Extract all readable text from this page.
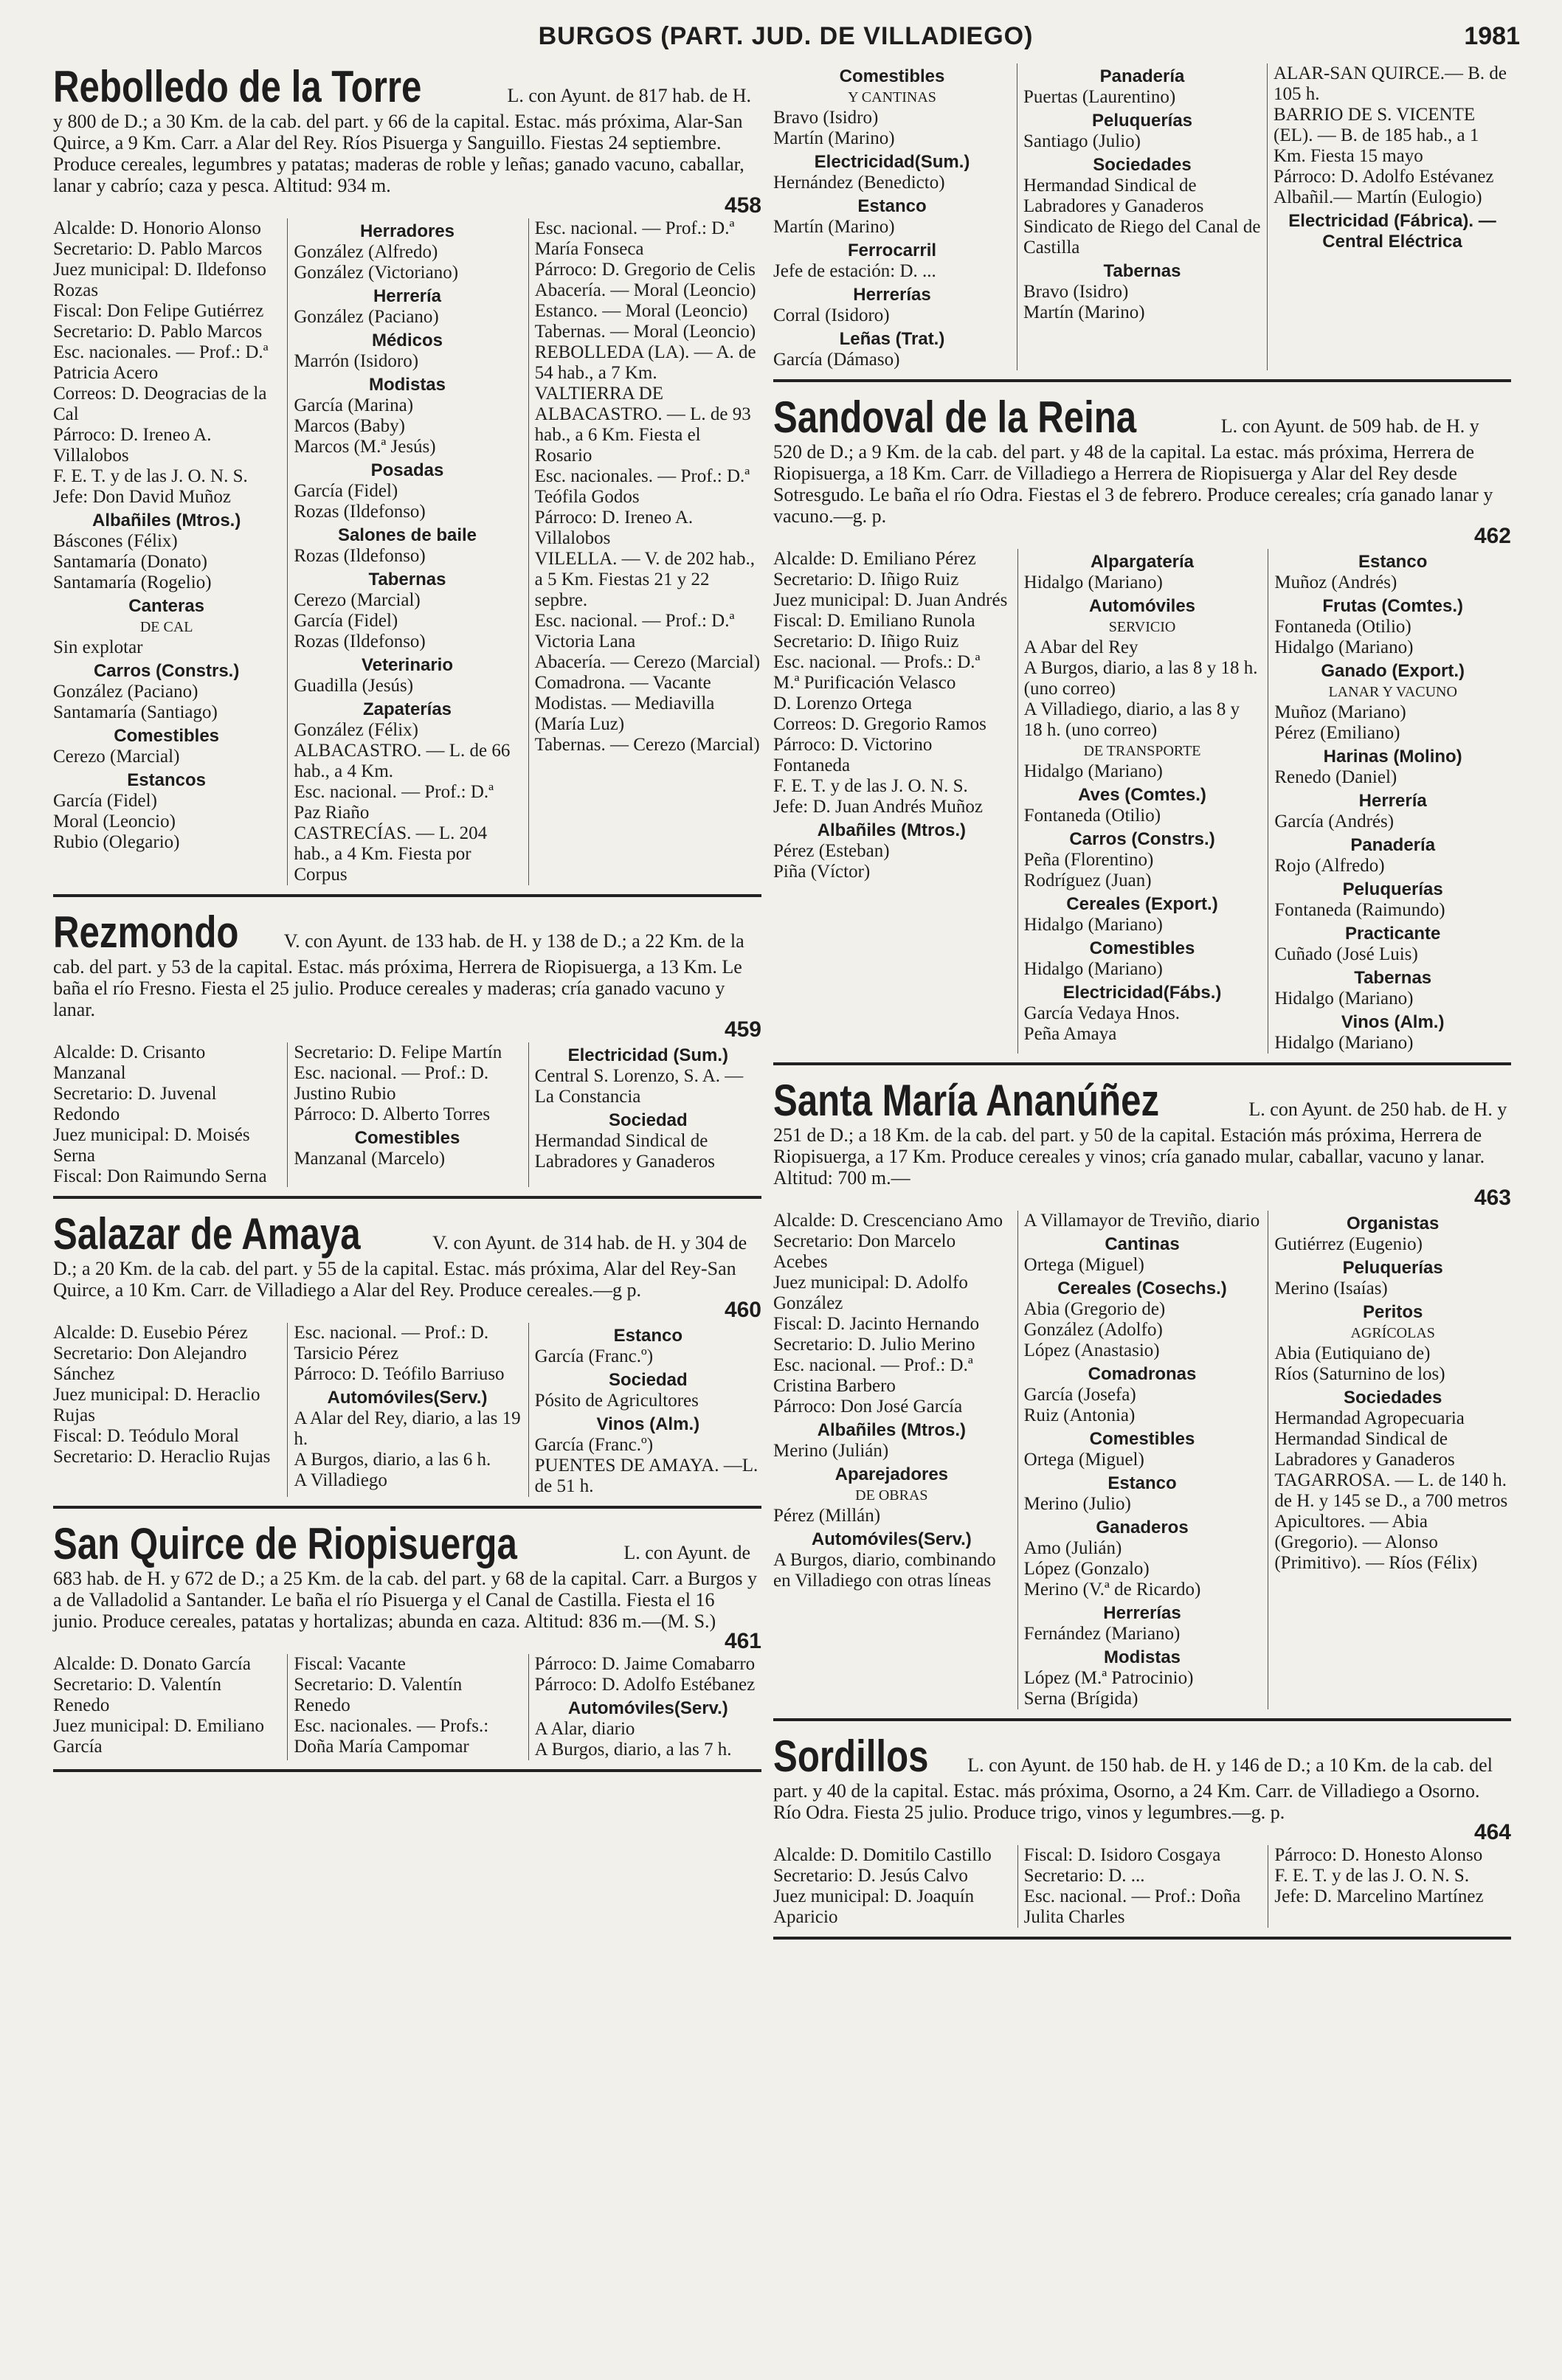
BURGOS (PART. JUD. DE VILLADIEGO)	1981
Rebolledo de la Torre	L. con Ayunt. de 817 hab. de H. y 800 de D.; a 30 Km. de la cab. del part. y 66 de la capital. Estac. más próxima, Alar-San Quirce, a 9 Km. Carr. a Alar del Rey. Ríos Pisuerga y Sanguillo. Fiestas 24 septiembre. Produce cereales, legumbres y patatas; maderas de roble y leñas; ganado vacuno, caballar, lanar y cabrío; caza y pesca. Altitud: 934 m.
458
Alcalde: D. Honorio Alonso
Secretario: D. Pablo Marcos
Juez municipal: D. Ildefonso Rozas
Fiscal: Don Felipe Gutiérrez
Secretario: D. Pablo Marcos
Esc. nacionales. — Prof.: D.ª Patricia Acero
Correos: D. Deogracias de la Cal
Párroco: D. Ireneo A. Villalobos
F. E. T. y de las J. O. N. S.
Jefe: Don David Muñoz
Albañiles (Mtros.)
Báscones (Félix)
Santamaría (Donato)
Santamaría (Rogelio)
Canteras
DE CAL
Sin explotar
Carros (Constrs.)
González (Paciano)
Santamaría (Santiago)
Comestibles
Cerezo (Marcial)
Estancos
García (Fidel)
Moral (Leoncio)
Rubio (Olegario)
Herradores
González (Alfredo)
González (Victoriano)
Herrería
González (Paciano)
Médicos
Marrón (Isidoro)
Modistas
García (Marina)
Marcos (Baby)
Marcos (M.ª Jesús)
Posadas
García (Fidel)
Rozas (Ildefonso)
Salones de baile
Rozas (Ildefonso)
Tabernas
Cerezo (Marcial)
García (Fidel)
Rozas (Ildefonso)
Veterinario
Guadilla (Jesús)
Zapaterías
González (Félix)
ALBACASTRO. — L. de 66 hab., a 4 Km.
Esc. nacional. — Prof.: D.ª Paz Riaño
CASTRECÍAS. — L. 204 hab., a 4 Km. Fiesta por Corpus
Esc. nacional. — Prof.: D.ª María Fonseca
Párroco: D. Gregorio de Celis
Abacería. — Moral (Leoncio)
Estanco. — Moral (Leoncio)
Tabernas. — Moral (Leoncio)
REBOLLEDA (LA). — A. de 54 hab., a 7 Km.
VALTIERRA DE ALBACASTRO. — L. de 93 hab., a 6 Km. Fiesta el Rosario
Esc. nacionales. — Prof.: D.ª Teófila Godos
Párroco: D. Ireneo A. Villalobos
VILELLA. — V. de 202 hab., a 5 Km. Fiestas 21 y 22 sepbre.
Esc. nacional. — Prof.: D.ª Victoria Lana
Abacería. — Cerezo (Marcial)
Comadrona. — Vacante
Modistas. — Mediavilla (María Luz)
Tabernas. — Cerezo (Marcial)
Rezmondo V. con Ayunt. de 133 hab. de H. y 138 de D.; a 22 Km. de la cab. del part. y 53 de la capital. Estac. más próxima, Herrera de Riopisuerga, a 13 Km. Le baña el río Fresno. Fiesta el 25 julio. Produce cereales y maderas; cría ganado vacuno y lanar.
459
Alcalde: D. Crisanto Manzanal
Secretario: D. Juvenal Redondo
Juez municipal: D. Moisés Serna
Fiscal: Don Raimundo Serna
Secretario: D. Felipe Martín
Esc. nacional. — Prof.: D. Justino Rubio
Párroco: D. Alberto Torres
Comestibles
Manzanal (Marcelo)
Electricidad (Sum.)
Central S. Lorenzo, S. A. — La Constancia
Sociedad
Hermandad Sindical de Labradores y Ganaderos
Salazar de Amaya	V. con Ayunt. de 314 hab. de H. y 304 de D.; a 20 Km. de la cab. del part. y 55 de la capital. Estac. más próxima, Alar del Rey-San Quirce, a 10 Km. Carr. de Villadiego a Alar del Rey. Produce cereales.—g p.
460
Alcalde: D. Eusebio Pérez
Secretario: Don Alejandro Sánchez
Juez municipal: D. Heraclio Rujas
Fiscal: D. Teódulo Moral
Secretario: D. Heraclio Rujas
Esc. nacional. — Prof.: D. Tarsicio Pérez
Párroco: D. Teófilo Barriuso
Automóviles(Serv.)
A Alar del Rey, diario, a las 19 h.
A Burgos, diario, a las 6 h.
A Villadiego
Estanco
García (Franc.º)
Sociedad
Pósito de Agricultores
Vinos (Alm.)
García (Franc.º)
PUENTES DE AMAYA. —L. de 51 h.
San Quirce de Riopisuerga	L. con Ayunt. de 683 hab. de H. y 672 de D.; a 25 Km. de la cab. del part. y 68 de la capital. Carr. a Burgos y a de Valladolid a Santander. Le baña el río Pisuerga y el Canal de Castilla. Fiesta el 16 junio. Produce cereales, patatas y hortalizas; abunda en caza. Altitud: 836 m.—(M. S.)
461
Alcalde: D. Donato García
Secretario: D. Valentín Renedo
Juez municipal: D. Emiliano García
Fiscal: Vacante
Secretario: D. Valentín Renedo
Esc. nacionales. — Profs.: Doña María Campomar
Párroco: D. Jaime Comabarro
Párroco: D. Adolfo Estébanez
Automóviles(Serv.)
A Alar, diario
A Burgos, diario, a las 7 h.
Comestibles
Y CANTINAS
Bravo (Isidro)
Martín (Marino)
Electricidad(Sum.)
Hernández (Benedicto)
Estanco
Martín (Marino)
Ferrocarril
Jefe de estación: D. ...
Herrerías
Corral (Isidoro)
Leñas (Trat.)
García (Dámaso)
Panadería
Puertas (Laurentino)
Peluquerías
Santiago (Julio)
Sociedades
Hermandad Sindical de Labradores y Ganaderos
Sindicato de Riego del Canal de Castilla
Tabernas
Bravo (Isidro)
Martín (Marino)
ALAR-SAN QUIRCE.— B. de 105 h.
BARRIO DE S. VICENTE (EL). — B. de 185 hab., a 1 Km. Fiesta 15 mayo
Párroco: D. Adolfo Estévanez
Albañil.— Martín (Eulogio)
Electricidad (Fábrica). — Central Eléctrica
Sandoval de la Reina	L. con Ayunt. de 509 hab. de H. y 520 de D.; a 9 Km. de la cab. del part. y 48 de la capital. La estac. más próxima, Herrera de Riopisuerga, a 18 Km. Carr. de Villadiego a Herrera de Riopisuerga y Alar del Rey desde Sotresgudo. Le baña el río Odra. Fiestas el 3 de febrero. Produce cereales; cría ganado lanar y vacuno.—g. p.
462
Alcalde: D. Emiliano Pérez
Secretario: D. Iñigo Ruiz
Juez municipal: D. Juan Andrés
Fiscal: D. Emiliano Runola
Secretario: D. Iñigo Ruiz
Esc. nacional. — Profs.: D.ª M.ª Purificación Velasco
D. Lorenzo Ortega
Correos: D. Gregorio Ramos
Párroco: D. Victorino Fontaneda
F. E. T. y de las J. O. N. S.
Jefe: D. Juan Andrés Muñoz
Albañiles (Mtros.)
Pérez (Esteban)
Piña (Víctor)
Alpargatería
Hidalgo (Mariano)
Automóviles
SERVICIO
A Abar del Rey
A Burgos, diario, a las 8 y 18 h. (uno correo)
A Villadiego, diario, a las 8 y 18 h. (uno correo)
DE TRANSPORTE
Hidalgo (Mariano)
Aves (Comtes.)
Fontaneda (Otilio)
Carros (Constrs.)
Peña (Florentino)
Rodríguez (Juan)
Cereales (Export.)
Hidalgo (Mariano)
Comestibles
Hidalgo (Mariano)
Electricidad(Fábs.)
García Vedaya Hnos.
Peña Amaya
Estanco
Muñoz (Andrés)
Frutas (Comtes.)
Fontaneda (Otilio)
Hidalgo (Mariano)
Ganado (Export.)
LANAR Y VACUNO
Muñoz (Mariano)
Pérez (Emiliano)
Harinas (Molino)
Renedo (Daniel)
Herrería
García (Andrés)
Panadería
Rojo (Alfredo)
Peluquerías
Fontaneda (Raimundo)
Practicante
Cuñado (José Luis)
Tabernas
Hidalgo (Mariano)
Vinos (Alm.)
Hidalgo (Mariano)
Santa María Ananúñez	L. con Ayunt. de 250 hab. de H. y 251 de D.; a 18 Km. de la cab. del part. y 50 de la capital. Estación más próxima, Herrera de Riopisuerga, a 17 Km. Produce cereales y vinos; cría ganado mular, caballar, vacuno y lanar. Altitud: 700 m.—
463
Alcalde: D. Crescenciano Amo
Secretario: Don Marcelo Acebes
Juez municipal: D. Adolfo González
Fiscal: D. Jacinto Hernando
Secretario: D. Julio Merino
Esc. nacional. — Prof.: D.ª Cristina Barbero
Párroco: Don José García
Albañiles (Mtros.)
Merino (Julián)
Aparejadores
DE OBRAS
Pérez (Millán)
Automóviles(Serv.)
A Burgos, diario, combinando en Villadiego con otras líneas
A Villamayor de Treviño, diario
Cantinas
Ortega (Miguel)
Cereales (Cosechs.)
Abia (Gregorio de)
González (Adolfo)
López (Anastasio)
Comadronas
García (Josefa)
Ruiz (Antonia)
Comestibles
Ortega (Miguel)
Estanco
Merino (Julio)
Ganaderos
Amo (Julián)
López (Gonzalo)
Merino (V.ª de Ricardo)
Herrerías
Fernández (Mariano)
Modistas
López (M.ª Patrocinio)
Serna (Brígida)
Organistas
Gutiérrez (Eugenio)
Peluquerías
Merino (Isaías)
Peritos
AGRÍCOLAS
Abia (Eutiquiano de)
Ríos (Saturnino de los)
Sociedades
Hermandad Agropecuaria
Hermandad Sindical de Labradores y Ganaderos
TAGARROSA. — L. de 140 h. de H. y 145 se D., a 700 metros
Apicultores. — Abia (Gregorio). — Alonso (Primitivo). — Ríos (Félix)
Sordillos L. con Ayunt. de 150 hab. de H. y 146 de D.; a 10 Km. de la cab. del part. y 40 de la capital. Estac. más próxima, Osorno, a 24 Km. Carr. de Villadiego a Osorno. Río Odra. Fiesta 25 julio. Produce trigo, vinos y legumbres.—g. p.
464
Alcalde: D. Domitilo Castillo
Secretario: D. Jesús Calvo
Juez municipal: D. Joaquín Aparicio
Fiscal: D. Isidoro Cosgaya
Secretario: D. ...
Esc. nacional. — Prof.: Doña Julita Charles
Párroco: D. Honesto Alonso
F. E. T. y de las J. O. N. S.
Jefe: D. Marcelino Martínez
